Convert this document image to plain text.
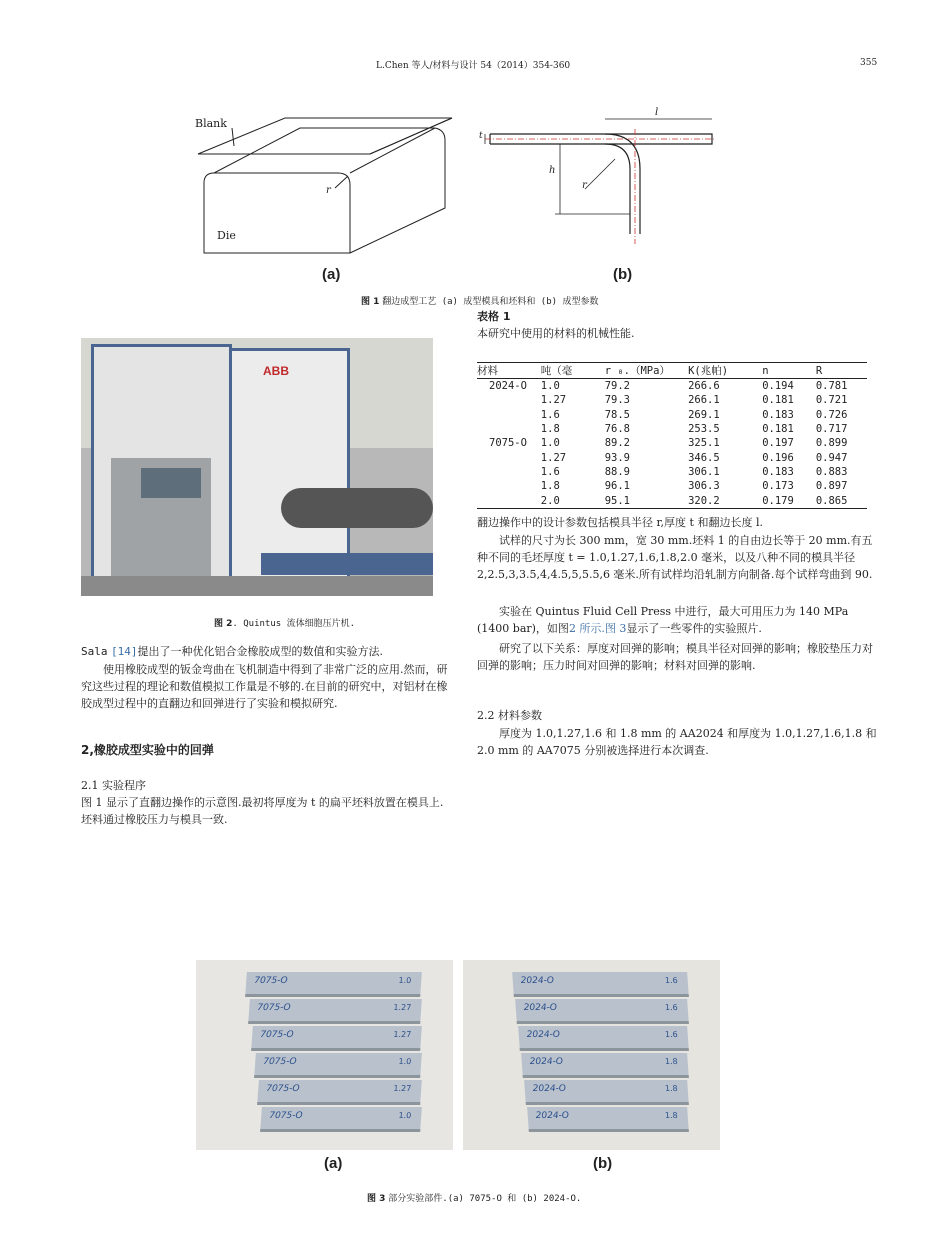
L.Chen 等人/材料与设计 54（2014）354-360	355
Blank
Die
r
(a)
l
t
h
r
(b)
图 1 翻边成型工艺 (a) 成型模具和坯料和 (b) 成型参数
ABB
图 2. Quintus 流体细胞压片机.
表格 1
本研究中使用的材料的机械性能.
材料	吨（毫	r ₀.（MPa）	K(兆帕)	n	R
2024-O	1.0	79.2	266.6	0.194	0.781
	1.27	79.3	266.1	0.181	0.721
	1.6	78.5	269.1	0.183	0.726
	1.8	76.8	253.5	0.181	0.717
7075-O	1.0	89.2	325.1	0.197	0.899
	1.27	93.9	346.5	0.196	0.947
	1.6	88.9	306.1	0.183	0.883
	1.8	96.1	306.3	0.173	0.897
	2.0	95.1	320.2	0.179	0.865
翻边操作中的设计参数包括模具半径 r,厚度 t 和翻边长度 l.
试样的尺寸为长 300 mm，宽 30 mm.坯料 1 的自由边长等于 20 mm.有五种不同的毛坯厚度 t = 1.0,1.27,1.6,1.8,2.0 毫米，以及八种不同的模具半径 2,2.5,3,3.5,4,4.5,5,5.5,6 毫米.所有试样均沿轧制方向制备.每个试样弯曲到 90.
实验在 Quintus Fluid Cell Press 中进行，最大可用压力为 140 MPa (1400 bar)，如图2 所示.图 3显示了一些零件的实验照片.
研究了以下关系：厚度对回弹的影响；模具半径对回弹的影响；橡胶垫压力对回弹的影响；压力时间对回弹的影响；材料对回弹的影响.
2.2 材料参数
厚度为 1.0,1.27,1.6 和 1.8 mm 的 AA2024 和厚度为 1.0,1.27,1.6,1.8 和 2.0 mm 的 AA7075 分别被选择进行本次调查.
Sala [14]提出了一种优化铝合金橡胶成型的数值和实验方法.
使用橡胶成型的钣金弯曲在飞机制造中得到了非常广泛的应用.然而，研究这些过程的理论和数值模拟工作量是不够的.在目前的研究中，对铝材在橡胶成型过程中的直翻边和回弹进行了实验和模拟研究.
2,橡胶成型实验中的回弹
2.1 实验程序
图 1 显示了直翻边操作的示意图.最初将厚度为 t 的扁平坯料放置在模具上.坯料通过橡胶压力与模具一致.
7075-O	1.0
7075-O	1.27
7075-O	1.27
7075-O	1.0
7075-O	1.27
7075-O	1.0
2024-O	1.6
2024-O	1.6
2024-O	1.6
2024-O	1.8
2024-O	1.8
2024-O	1.8
(a)	(b)
图 3 部分实验部件.(a) 7075-O 和 (b) 2024-O.
